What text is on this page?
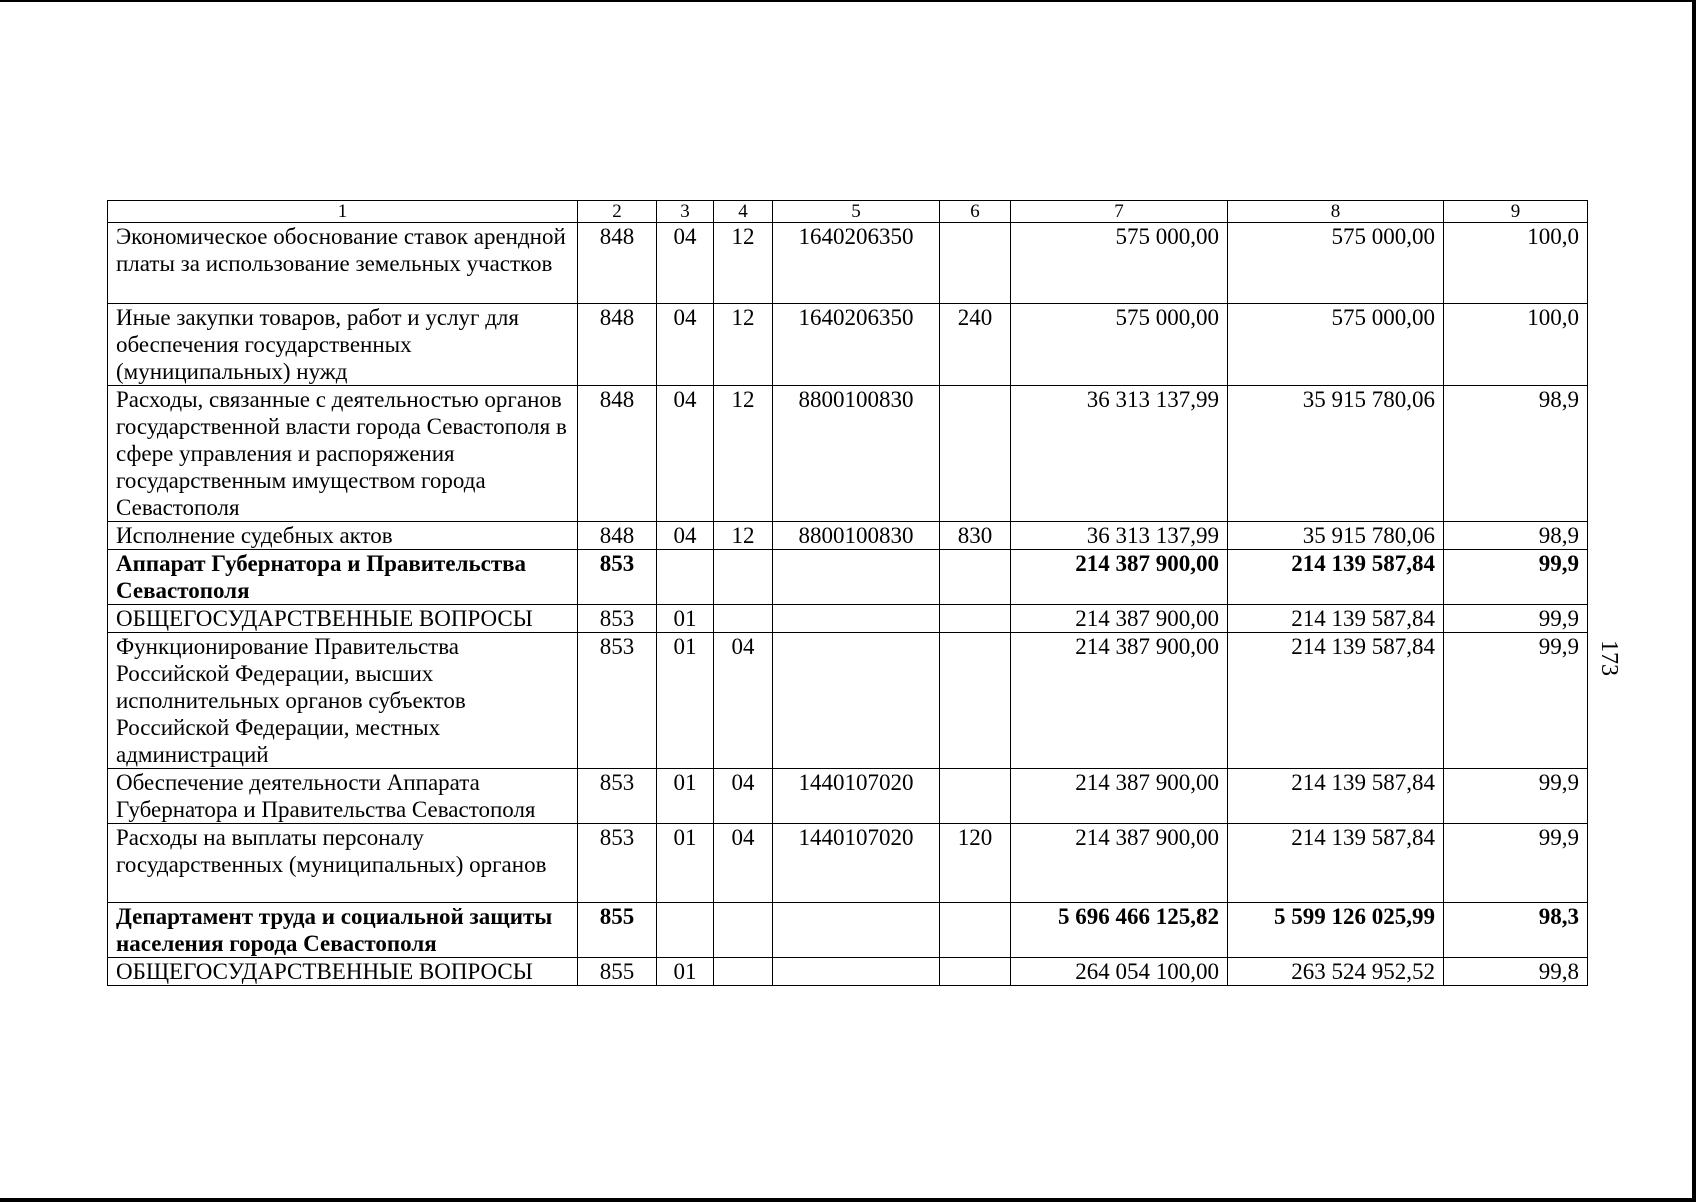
1	2	3	4	5	6	7	8	9
Экономическое обоснование ставок арендной платы за использование земельных участков	848	04	12	1640206350		575 000,00	575 000,00	100,0
Иные закупки товаров, работ и услуг для обеспечения государственных (муниципальных) нужд	848	04	12	1640206350	240	575 000,00	575 000,00	100,0
Расходы, связанные с деятельностью органов государственной власти города Севастополя в сфере управления и распоряжения государственным имуществом города Севастополя	848	04	12	8800100830		36 313 137,99	35 915 780,06	98,9
Исполнение судебных актов	848	04	12	8800100830	830	36 313 137,99	35 915 780,06	98,9
Аппарат Губернатора и Правительства Севастополя	853					214 387 900,00	214 139 587,84	99,9
ОБЩЕГОСУДАРСТВЕННЫЕ ВОПРОСЫ	853	01				214 387 900,00	214 139 587,84	99,9
Функционирование Правительства Российской Федерации, высших исполнительных органов субъектов Российской Федерации, местных администраций	853	01	04			214 387 900,00	214 139 587,84	99,9
Обеспечение деятельности Аппарата Губернатора и Правительства Севастополя	853	01	04	1440107020		214 387 900,00	214 139 587,84	99,9
Расходы на выплаты персоналу государственных (муниципальных) органов	853	01	04	1440107020	120	214 387 900,00	214 139 587,84	99,9
Департамент труда и социальной защиты населения города Севастополя	855					5 696 466 125,82	5 599 126 025,99	98,3
ОБЩЕГОСУДАРСТВЕННЫЕ ВОПРОСЫ	855	01				264 054 100,00	263 524 952,52	99,8
173
